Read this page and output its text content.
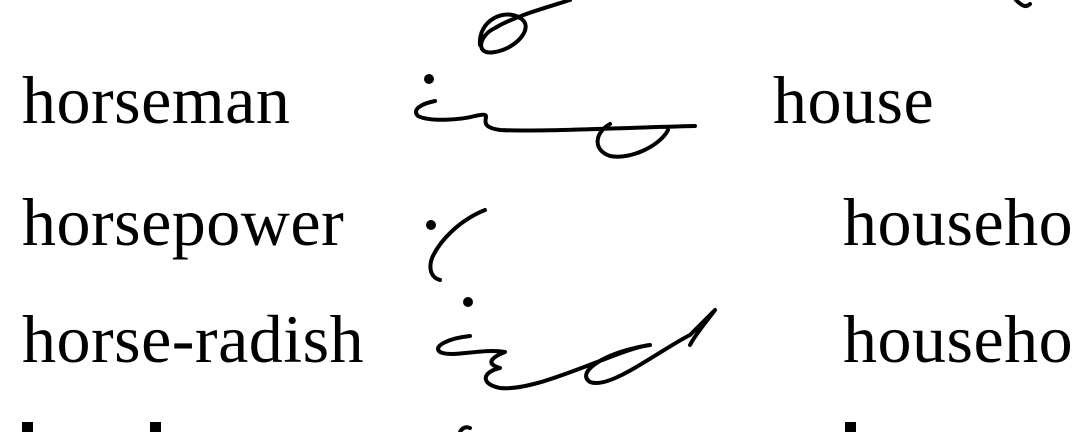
horseman
horsepower
horse-radish
house
househo
househo
